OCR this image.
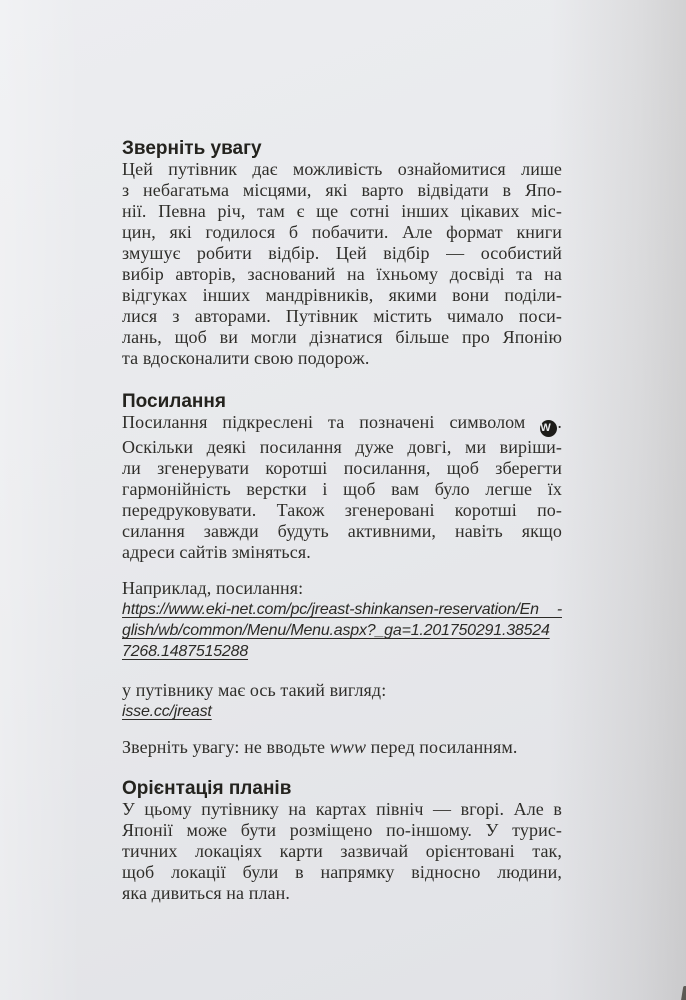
Зверніть увагу
Цей путівник дає можливість ознайомитися лише
з небагатьма місцями, які варто відвідати в Япо-
нії. Певна річ, там є ще сотні інших цікавих міс-
цин, які годилося б побачити. Але формат книги
змушує робити відбір. Цей відбір — особистий
вибір авторів, заснований на їхньому досвіді та на
відгуках інших мандрівників, якими вони поділи-
лися з авторами. Путівник містить чимало поси-
лань, щоб ви могли дізнатися більше про Японію
та вдосконалити свою подорож.
Посилання
Посилання підкреслені та позначені символом W .
Оскільки деякі посилання дуже довгі, ми виріши-
ли згенерувати коротші посилання, щоб зберегти
гармонійність верстки і щоб вам було легше їх
передруковувати. Також згенеровані коротші по-
силання завжди будуть активними, навіть якщо
адреси сайтів зміняться.
Наприклад, посилання:
https://www.eki-net.com/pc/jreast-shinkansen-reservation/En -
glish/wb/common/Menu/Menu.aspx?_ga=1.201750291.38524
7268.1487515288
у путівнику має ось такий вигляд:
isse.cc/jreast
Зверніть увагу: не вводьте www перед посиланням.
Орієнтація планів
У цьому путівнику на картах північ — вгорі. Але в
Японії може бути розміщено по-іншому. У турис-
тичних локаціях карти зазвичай орієнтовані так,
щоб локації були в напрямку відносно людини,
яка дивиться на план.
